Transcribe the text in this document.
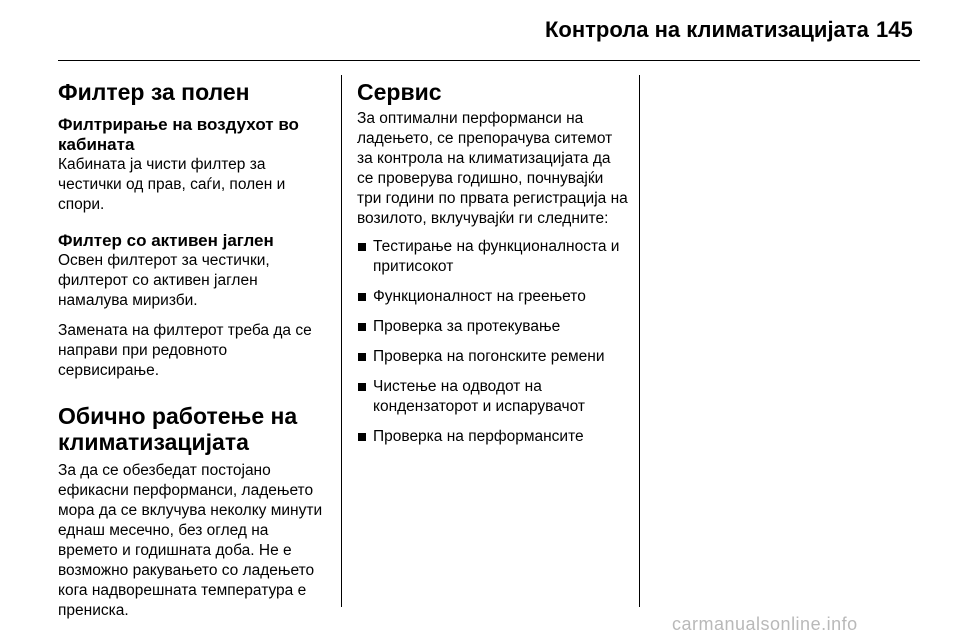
Контрола на климатизацијата 145
Филтер за полен
Филтрирање на воздухот во кабината

Кабината ја чисти филтер за честички од прав, саѓи, полен и спори.

Филтер со активен јаглен

Освен филтерот за честички, филтерот со активен јаглен намалува миризби.

Замената на филтерот треба да се направи при редовното сервисирање.

Обично работење на климатизацијата

За да се обезбедат постојано ефикасни перформанси, ладењето мора да се вклучува неколку минути еднаш месечно, без оглед на времето и годишната доба. Не е возможно ракувањето со ладењето кога надворешната температура е прениска.

Сервис

За оптимални перформанси на ладењето, се препорачува ситемот за контрола на климатизацијата да се проверува годишно, почнувајќи три години по првата регистрација на возилото, вклучувајќи ги следните:

Тестирање на функционалноста и притисокот
Функционалност на греењето
Проверка за протекување
Проверка на погонските ремени
Чистење на одводот на кондензаторот и испарувачот
Проверка на перформансите
carmanualsonline.info
